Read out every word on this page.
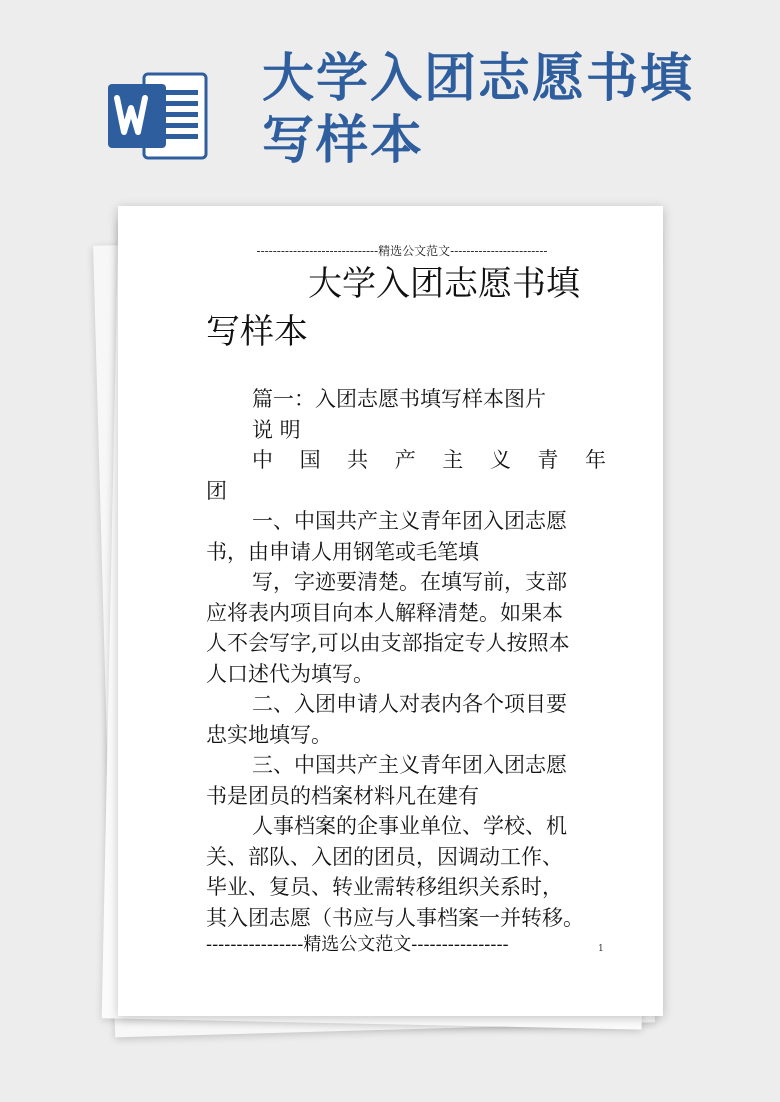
大学入团志愿书填写样本
------------------------------精选公文范文------------------------
大学入团志愿书填
写样本
篇一：入团志愿书填写样本图片
说 明
中 国 共 产 主 义 青 年
团
一、中国共产主义青年团入团志愿
书，由申请人用钢笔或毛笔填
写，字迹要清楚。在填写前，支部
应将表内项目向本人解释清楚。如果本
人不会写字,可以由支部指定专人按照本
人口述代为填写。
二、入团申请人对表内各个项目要
忠实地填写。
三、中国共产主义青年团入团志愿
书是团员的档案材料凡在建有
人事档案的企事业单位、学校、机
关、部队、入团的团员，因调动工作、
毕业、复员、转业需转移组织关系时，
其入团志愿（书应与人事档案一并转移。
----------------精选公文范文----------------	1
